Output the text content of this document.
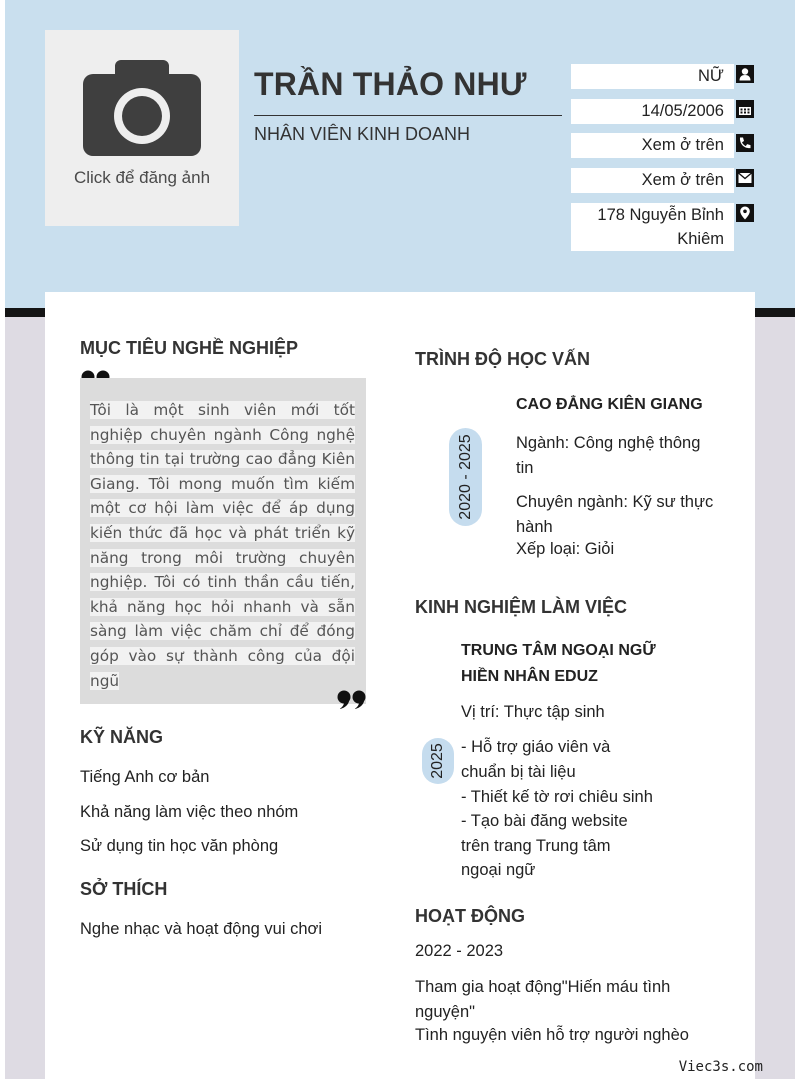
Click để đăng ảnh
TRẦN THẢO NHƯ
NHÂN VIÊN KINH DOANH
NỮ
14/05/2006
Xem ở trên
Xem ở trên
178 Nguyễn Bỉnh Khiêm
MỤC TIÊU NGHỀ NGHIỆP
Tôi là một sinh viên mới tốt nghiệp chuyên ngành Công nghệ thông tin tại trường cao đẳng Kiên Giang. Tôi mong muốn tìm kiếm một cơ hội làm việc để áp dụng kiến thức đã học và phát triển kỹ năng trong môi trường chuyên nghiệp. Tôi có tinh thần cầu tiến, khả năng học hỏi nhanh và sẵn sàng làm việc chăm chỉ để đóng góp vào sự thành công của đội ngũ
KỸ NĂNG
Tiếng Anh cơ bản
Khả năng làm việc theo nhóm
Sử dụng tin học văn phòng
SỞ THÍCH
Nghe nhạc và hoạt động vui chơi
TRÌNH ĐỘ HỌC VẤN
2020 - 2025
CAO ĐẲNG KIÊN GIANG
Ngành: Công nghệ thông tin
Chuyên ngành: Kỹ sư thực hành
Xếp loại: Giỏi
KINH NGHIỆM LÀM VIỆC
TRUNG TÂM NGOẠI NGỮ HIỀN NHÂN EDUZ
Vị trí: Thực tập sinh
2025 - Hỗ trợ giáo viên và chuẩn bị tài liệu
- Thiết kế tờ rơi chiêu sinh
- Tạo bài đăng website trên trang Trung tâm ngoại ngữ
HOẠT ĐỘNG
2022 - 2023
Tham gia hoạt động"Hiến máu tình nguyện"
Tình nguyện viên hỗ trợ người nghèo
Viec3s.com
